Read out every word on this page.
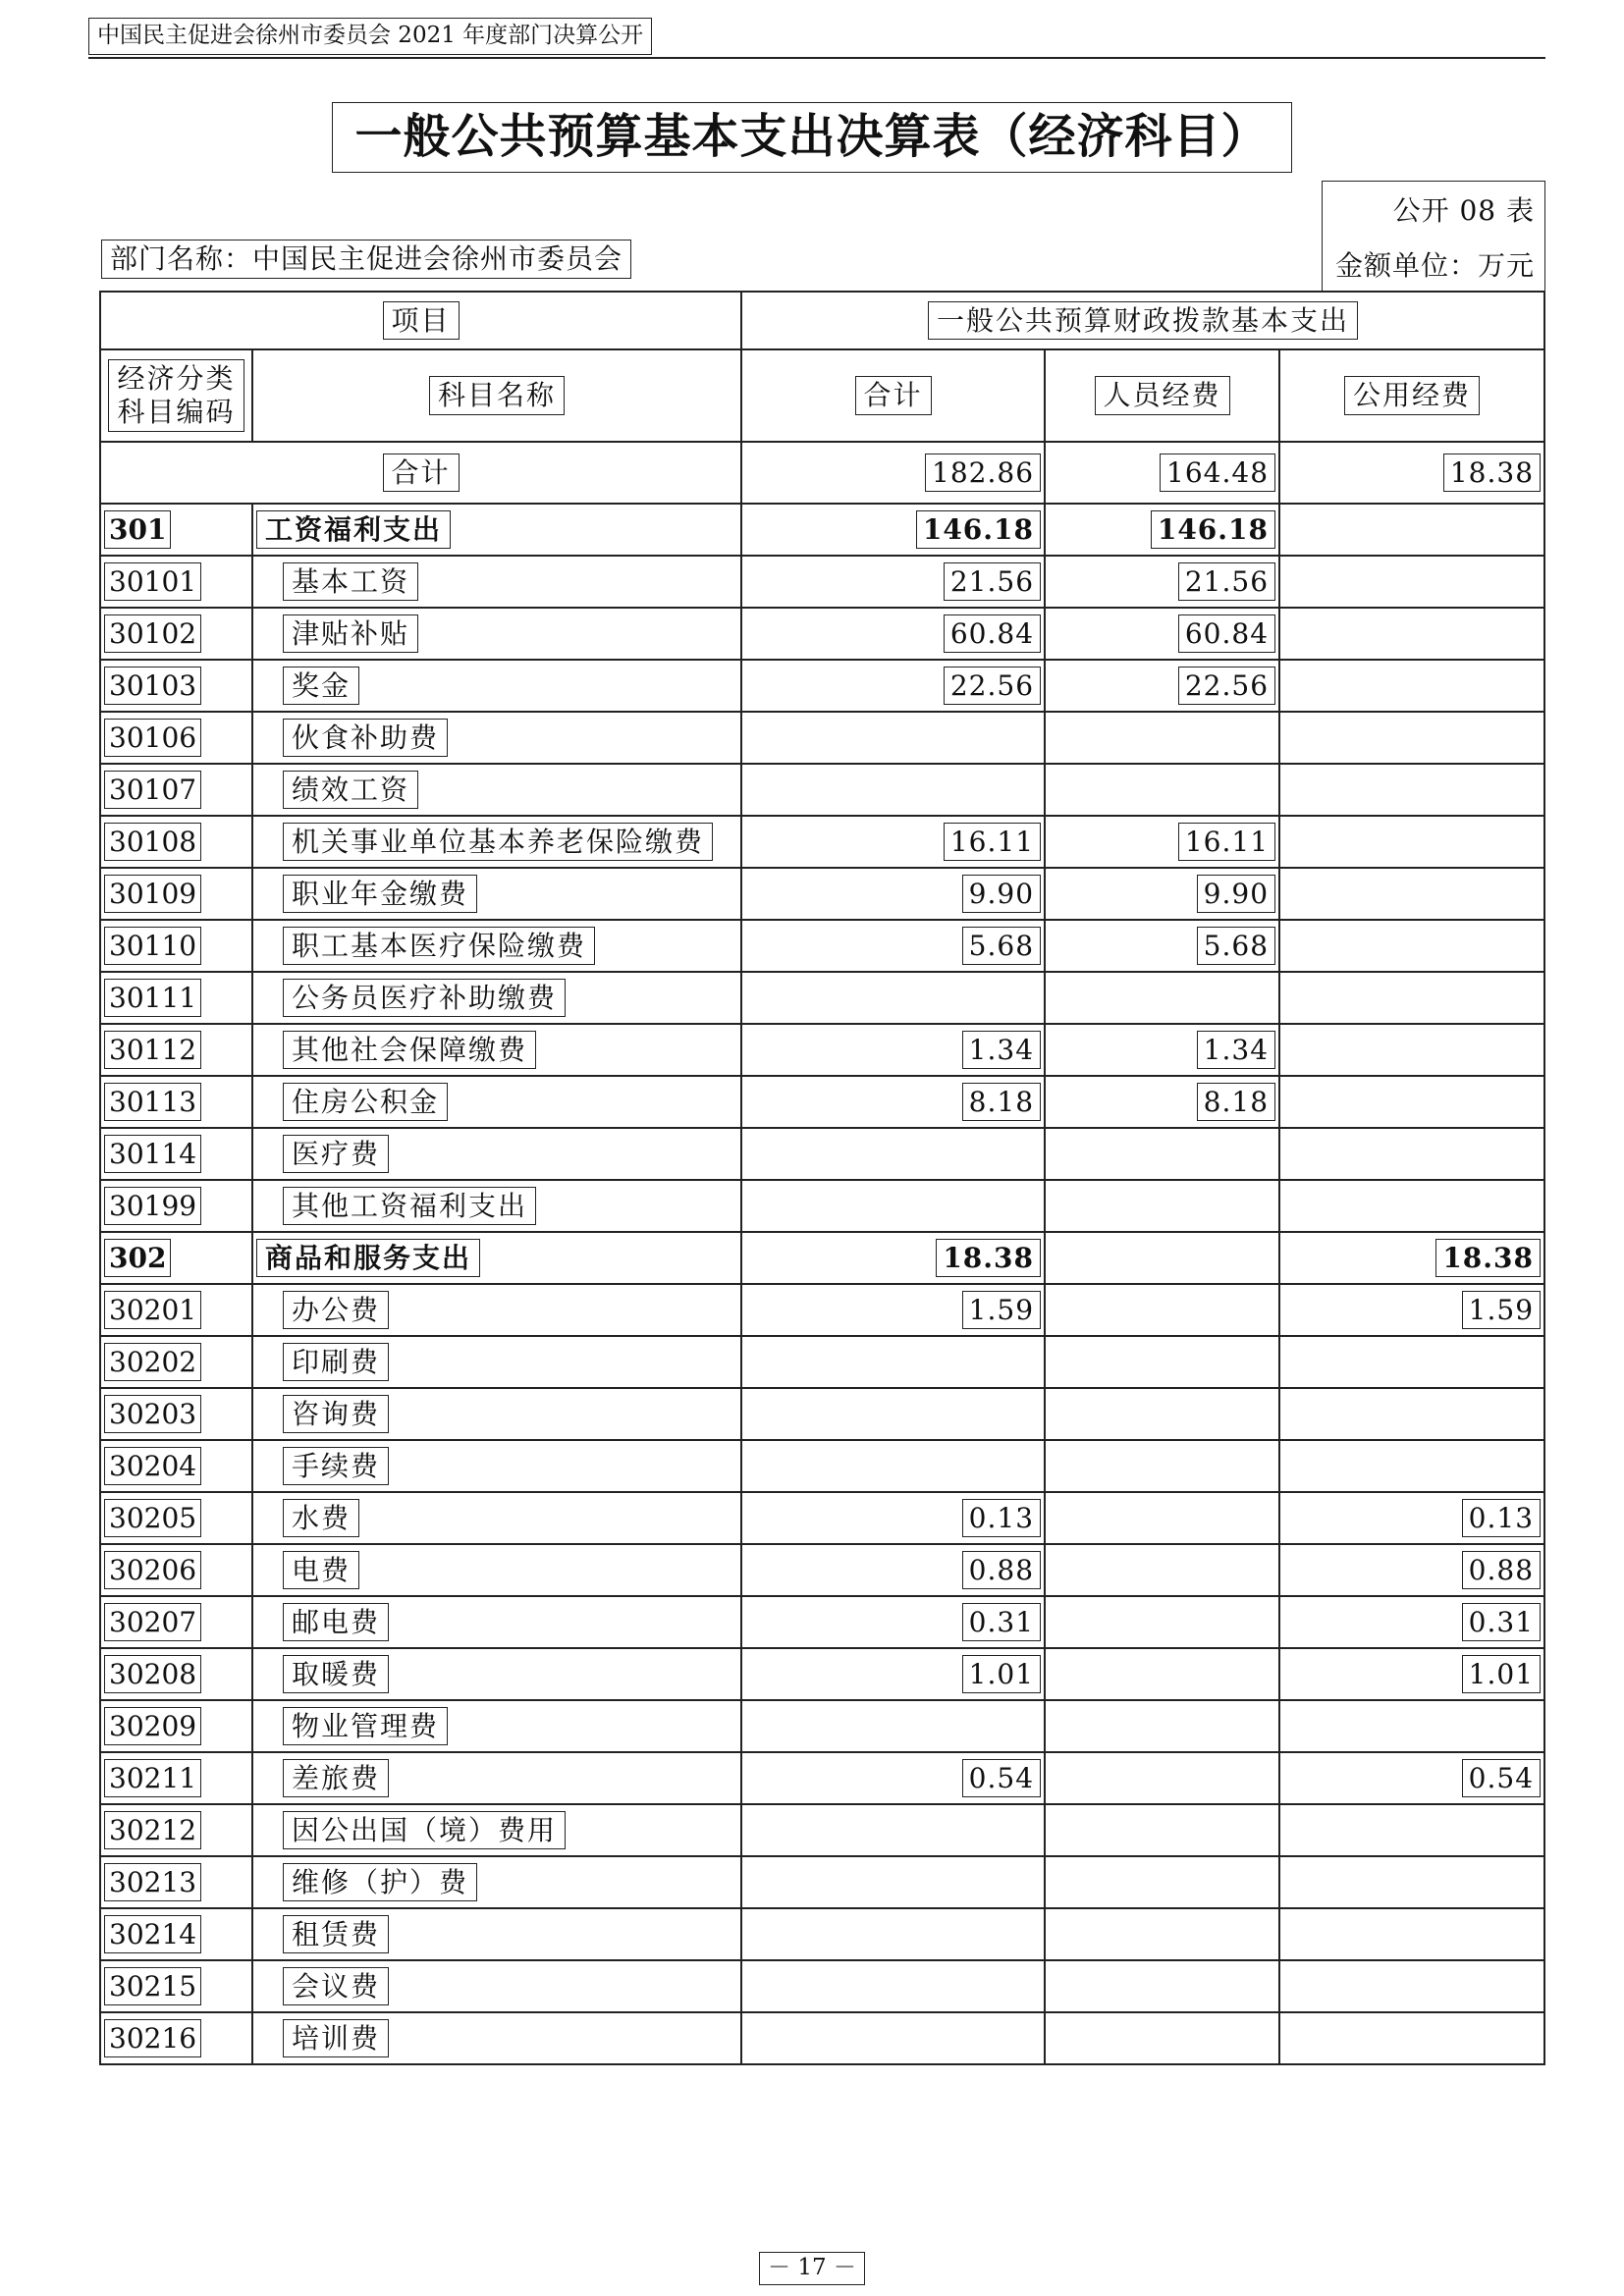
中国民主促进会徐州市委员会 2021 年度部门决算公开
一般公共预算基本支出决算表（经济科目）
公开 08 表
金额单位：万元
部门名称：中国民主促进会徐州市委员会
项目		一般公共预算财政拨款基本支出		
经济分类
科目编码	科目名称	合计	人员经费	公用经费
合计		182.86	164.48	18.38
301	工资福利支出	146.18	146.18	
30101	基本工资	21.56	21.56	
30102	津贴补贴	60.84	60.84	
30103	奖金	22.56	22.56	
30106	伙食补助费			
30107	绩效工资			
30108	机关事业单位基本养老保险缴费	16.11	16.11	
30109	职业年金缴费	9.90	9.90	
30110	职工基本医疗保险缴费	5.68	5.68	
30111	公务员医疗补助缴费			
30112	其他社会保障缴费	1.34	1.34	
30113	住房公积金	8.18	8.18	
30114	医疗费			
30199	其他工资福利支出			
302	商品和服务支出	18.38		18.38
30201	办公费	1.59		1.59
30202	印刷费			
30203	咨询费			
30204	手续费			
30205	水费	0.13		0.13
30206	电费	0.88		0.88
30207	邮电费	0.31		0.31
30208	取暖费	1.01		1.01
30209	物业管理费			
30211	差旅费	0.54		0.54
30212	因公出国（境）费用			
30213	维修（护）费			
30214	租赁费			
30215	会议费			
30216	培训费			
－ 17 －
